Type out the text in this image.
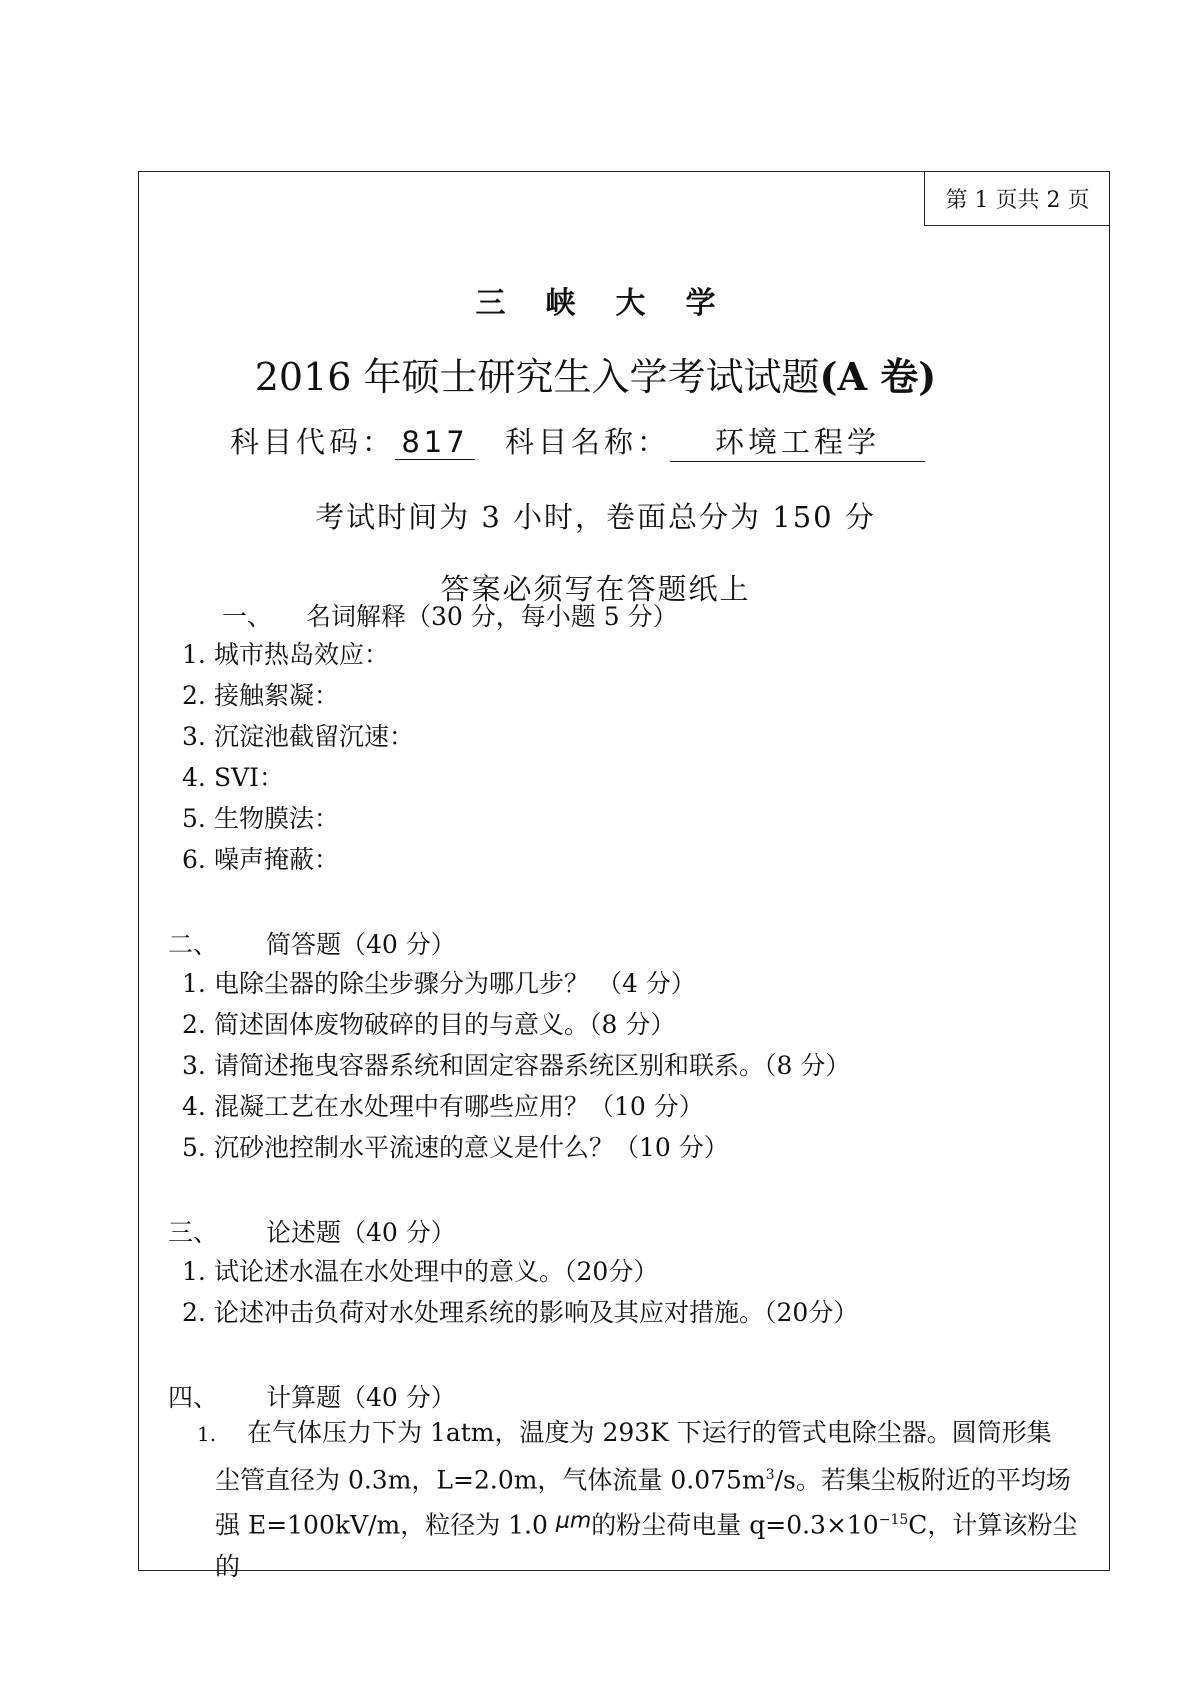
第 1 页共 2 页
三峡大学
2016 年硕士研究生入学考试试题(A 卷)
科目代码： 817 科目名称： 环境工程学
考试时间为 3 小时，卷面总分为 150 分
答案必须写在答题纸上
一、 名词解释（30 分，每小题 5 分）
1. 城市热岛效应：
2. 接触絮凝：
3. 沉淀池截留沉速：
4. SVI：
5. 生物膜法：
6. 噪声掩蔽：
二、 简答题（40 分）
1. 电除尘器的除尘步骤分为哪几步？ （4 分）
2. 简述固体废物破碎的目的与意义。（8 分）
3. 请简述拖曳容器系统和固定容器系统区别和联系。（8 分）
4. 混凝工艺在水处理中有哪些应用？（10 分）
5. 沉砂池控制水平流速的意义是什么？（10 分）
三、 论述题（40 分）
1. 试论述水温在水处理中的意义。（20分）
2. 论述冲击负荷对水处理系统的影响及其应对措施。（20分）
四、 计算题（40 分）
1. 在气体压力下为 1atm，温度为 293K 下运行的管式电除尘器。圆筒形集
尘管直径为 0.3m，L=2.0m，气体流量 $0.075m^3/s$。若集尘板附近的平均场
强 E=100kV/m，粒径为 1.0 μm的粉尘荷电量 $q=0.3\times 10^{-15}C$，计算该粉尘的
